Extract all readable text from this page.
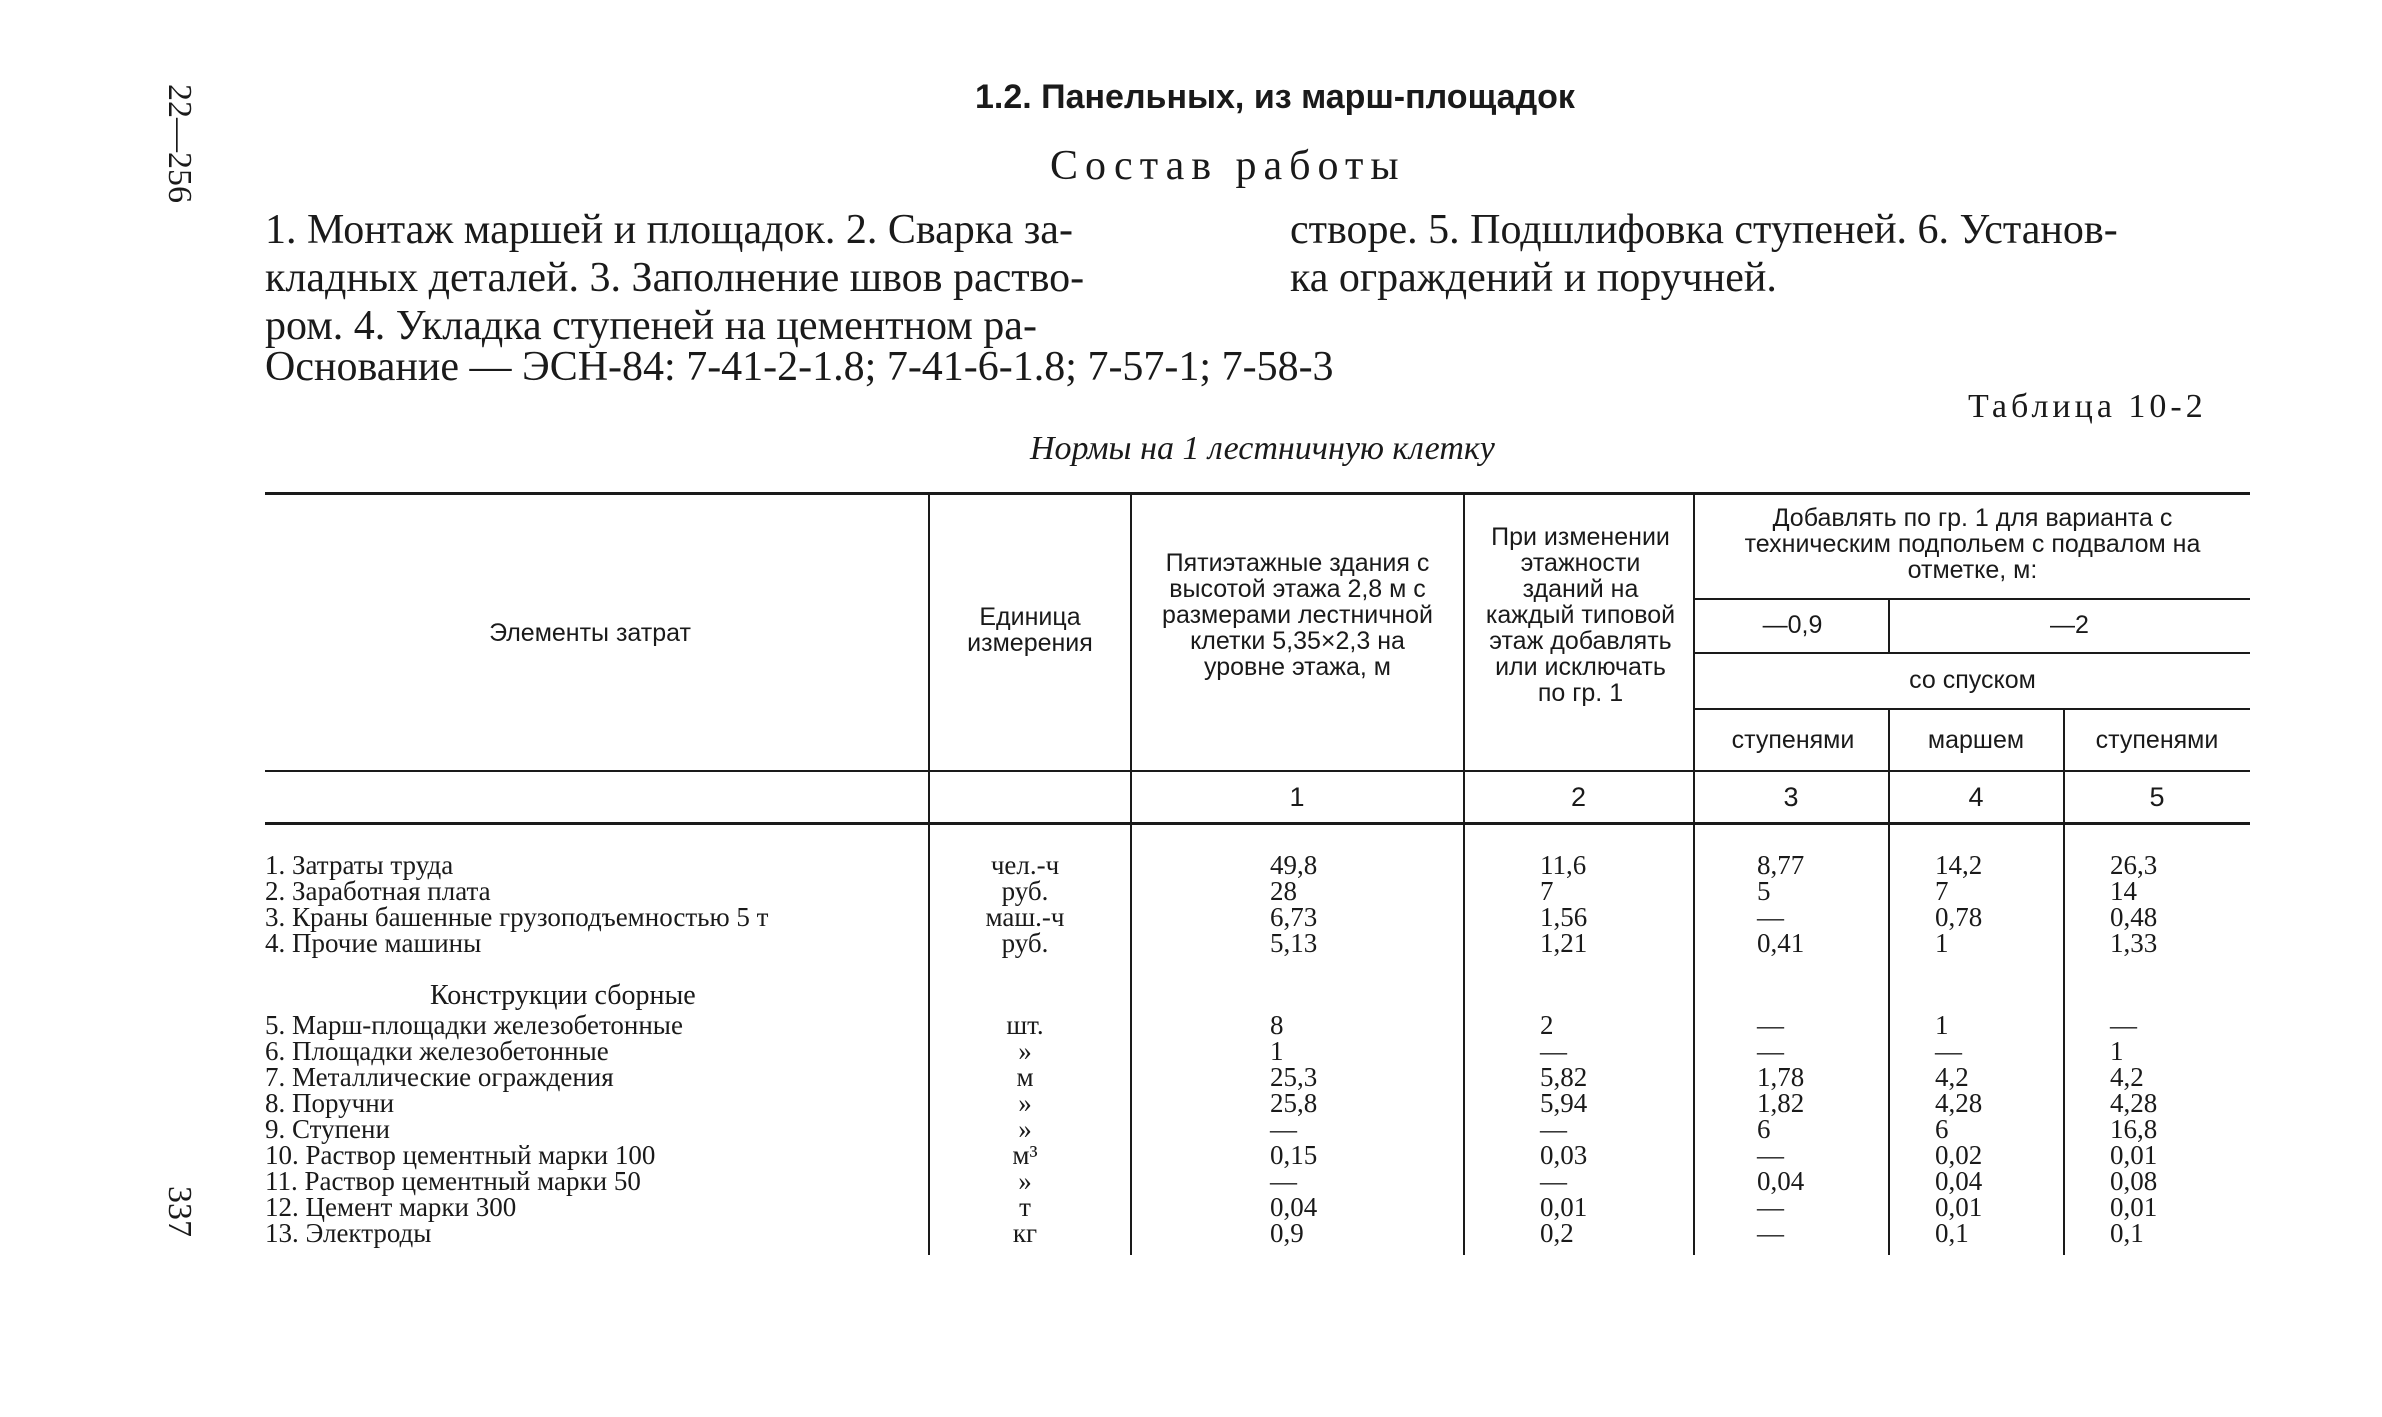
22—256
337
1.2. Панельных, из марш-площадок
Состав работы
1. Монтаж маршей и площадок. 2. Сварка за-
кладных деталей. 3. Заполнение швов раство-
ром. 4. Укладка ступеней на цементном ра-
створе. 5. Подшлифовка ступеней. 6. Установ-
ка ограждений и поручней.
Основание — ЭСН-84: 7-41-2-1.8; 7-41-6-1.8; 7-57-1; 7-58-3
Таблица 10-2
Нормы на 1 лестничную клетку
Элементы затрат
Единица измерения
Пятиэтажные здания с высотой этажа 2,8 м с размерами лестничной клетки 5,35×2,3 на уровне этажа, м
При изменении этажности зданий на каждый типовой этаж добавлять или исключать по гр. 1
Добавлять по гр. 1 для варианта с техническим подпольем с подвалом на отметке, м:
—0,9	—2
со спуском
ступенями	маршем	ступенями
1	2	3	4	5
1. Затраты труда	чел.-ч	49,8	11,6	8,77	14,2	26,3
2. Заработная плата	руб.	28	7	5	7	14
3. Краны башенные грузоподъемностью 5 т	маш.-ч	6,73	1,56	—	0,78	0,48
4. Прочие машины	руб.	5,13	1,21	0,41	1	1,33
Конструкции сборные
5. Марш-площадки железобетонные	шт.	8	2	—	1	—
6. Площадки железобетонные	»	1	—	—	—	1
7. Металлические ограждения	м	25,3	5,82	1,78	4,2	4,2
8. Поручни	»	25,8	5,94	1,82	4,28	4,28
9. Ступени	»	—	—	6	6	16,8
10. Раствор цементный марки 100	м³	0,15	0,03	—	0,02	0,01
11. Раствор цементный марки 50	»	—	—	0,04	0,04	0,08
12. Цемент марки 300	т	0,04	0,01	—	0,01	0,01
13. Электроды	кг	0,9	0,2	—	0,1	0,1
